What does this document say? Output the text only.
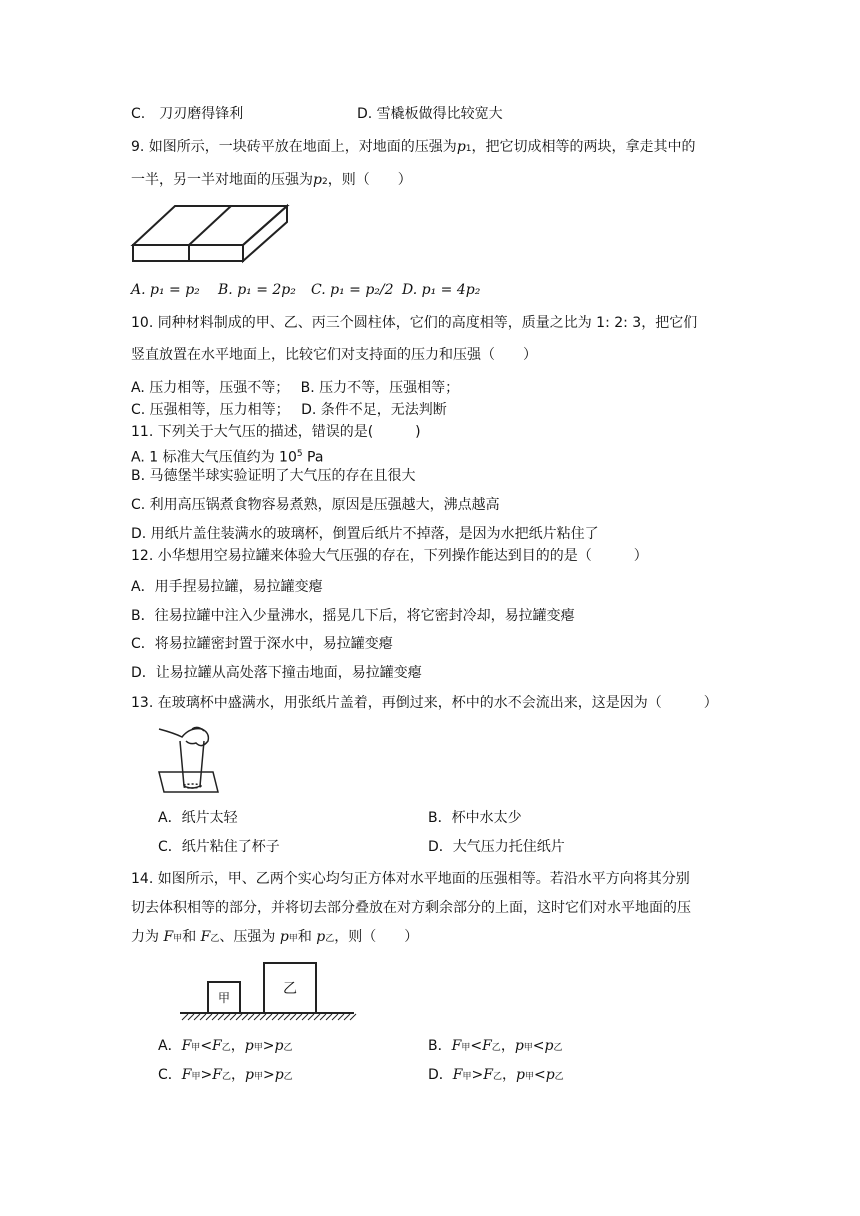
C.　刀刃磨得锋利	D. 雪橇板做得比较宽大
9. 如图所示，一块砖平放在地面上，对地面的压强为p1，把它切成相等的两块，拿走其中的
一半，另一半对地面的压强为p2，则（　　）
A. p₁ = p₂ B. p₁ = 2p₂ C. p₁ = p₂/2 D. p₁ = 4p₂
10. 同种材料制成的甲、乙、丙三个圆柱体，它们的高度相等，质量之比为 1: 2: 3，把它们
竖直放置在水平地面上，比较它们对支持面的压力和压强（　　）
A. 压力相等，压强不等；　 B. 压力不等，压强相等；
C. 压强相等，压力相等；　 D. 条件不足，无法判断
11. 下列关于大气压的描述，错误的是(　　　)
A. 1 标准大气压值约为 $10^5$ Pa
B. 马德堡半球实验证明了大气压的存在且很大
C. 利用高压锅煮食物容易煮熟，原因是压强越大，沸点越高
D. 用纸片盖住装满水的玻璃杯，倒置后纸片不掉落，是因为水把纸片粘住了
12. 小华想用空易拉罐来体验大气压强的存在，下列操作能达到目的的是（　　　）
A．用手捏易拉罐，易拉罐变瘪
B．往易拉罐中注入少量沸水，摇晃几下后，将它密封冷却，易拉罐变瘪
C．将易拉罐密封置于深水中，易拉罐变瘪
D．让易拉罐从高处落下撞击地面，易拉罐变瘪
13. 在玻璃杯中盛满水，用张纸片盖着，再倒过来，杯中的水不会流出来，这是因为（　　　）
A．纸片太轻	B．杯中水太少
C．纸片粘住了杯子	D．大气压力托住纸片
14. 如图所示，甲、乙两个实心均匀正方体对水平地面的压强相等。若沿水平方向将其分别
切去体积相等的部分，并将切去部分叠放在对方剩余部分的上面，这时它们对水平地面的压
力为 F甲和 F乙、压强为 p甲和 p乙，则（　　）
甲
乙
A．F甲<F乙，p甲>p乙	B．F甲<F乙，p甲<p乙
C．F甲>F乙，p甲>p乙	D．F甲>F乙，p甲<p乙
